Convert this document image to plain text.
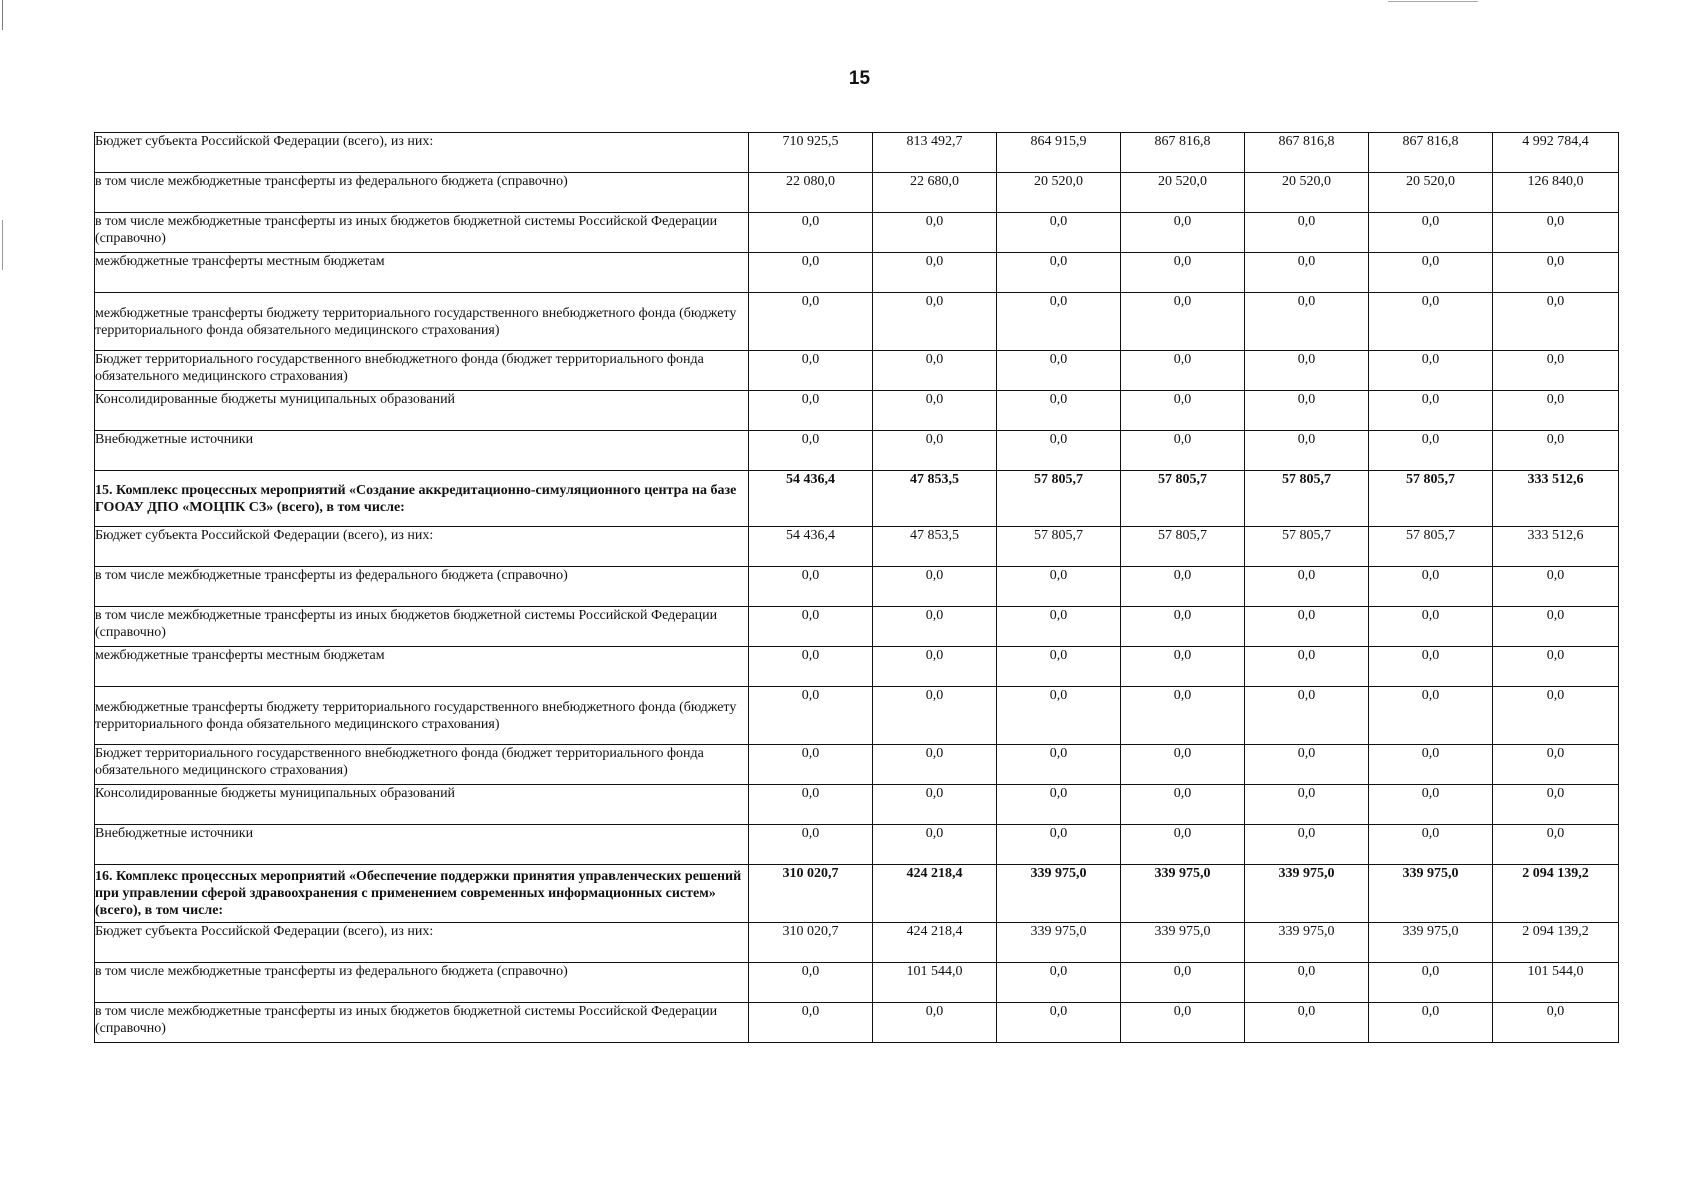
15
Бюджет субъекта Российской Федерации (всего), из них:	710 925,5	813 492,7	864 915,9	867 816,8	867 816,8	867 816,8	4 992 784,4
в том числе межбюджетные трансферты из федерального бюджета (справочно)	22 080,0	22 680,0	20 520,0	20 520,0	20 520,0	20 520,0	126 840,0
в том числе межбюджетные трансферты из иных бюджетов бюджетной системы Российской Федерации (справочно)	0,0	0,0	0,0	0,0	0,0	0,0	0,0
межбюджетные трансферты местным бюджетам	0,0	0,0	0,0	0,0	0,0	0,0	0,0
межбюджетные трансферты бюджету территориального государственного внебюджетного фонда (бюджету территориального фонда обязательного медицинского страхования)	0,0	0,0	0,0	0,0	0,0	0,0	0,0
Бюджет территориального государственного внебюджетного фонда (бюджет территориального фонда обязательного медицинского страхования)	0,0	0,0	0,0	0,0	0,0	0,0	0,0
Консолидированные бюджеты муниципальных образований	0,0	0,0	0,0	0,0	0,0	0,0	0,0
Внебюджетные источники	0,0	0,0	0,0	0,0	0,0	0,0	0,0
15. Комплекс процессных мероприятий «Создание аккредитационно-симуляционного центра на базе ГООАУ ДПО «МОЦПК СЗ» (всего), в том числе:	54 436,4	47 853,5	57 805,7	57 805,7	57 805,7	57 805,7	333 512,6
Бюджет субъекта Российской Федерации (всего), из них:	54 436,4	47 853,5	57 805,7	57 805,7	57 805,7	57 805,7	333 512,6
в том числе межбюджетные трансферты из федерального бюджета (справочно)	0,0	0,0	0,0	0,0	0,0	0,0	0,0
в том числе межбюджетные трансферты из иных бюджетов бюджетной системы Российской Федерации (справочно)	0,0	0,0	0,0	0,0	0,0	0,0	0,0
межбюджетные трансферты местным бюджетам	0,0	0,0	0,0	0,0	0,0	0,0	0,0
межбюджетные трансферты бюджету территориального государственного внебюджетного фонда (бюджету территориального фонда обязательного медицинского страхования)	0,0	0,0	0,0	0,0	0,0	0,0	0,0
Бюджет территориального государственного внебюджетного фонда (бюджет территориального фонда обязательного медицинского страхования)	0,0	0,0	0,0	0,0	0,0	0,0	0,0
Консолидированные бюджеты муниципальных образований	0,0	0,0	0,0	0,0	0,0	0,0	0,0
Внебюджетные источники	0,0	0,0	0,0	0,0	0,0	0,0	0,0
16. Комплекс процессных мероприятий «Обеспечение поддержки принятия управленческих решений при управлении сферой здравоохранения с применением современных информационных систем» (всего), в том числе:	310 020,7	424 218,4	339 975,0	339 975,0	339 975,0	339 975,0	2 094 139,2
Бюджет субъекта Российской Федерации (всего), из них:	310 020,7	424 218,4	339 975,0	339 975,0	339 975,0	339 975,0	2 094 139,2
в том числе межбюджетные трансферты из федерального бюджета (справочно)	0,0	101 544,0	0,0	0,0	0,0	0,0	101 544,0
в том числе межбюджетные трансферты из иных бюджетов бюджетной системы Российской Федерации (справочно)	0,0	0,0	0,0	0,0	0,0	0,0	0,0
